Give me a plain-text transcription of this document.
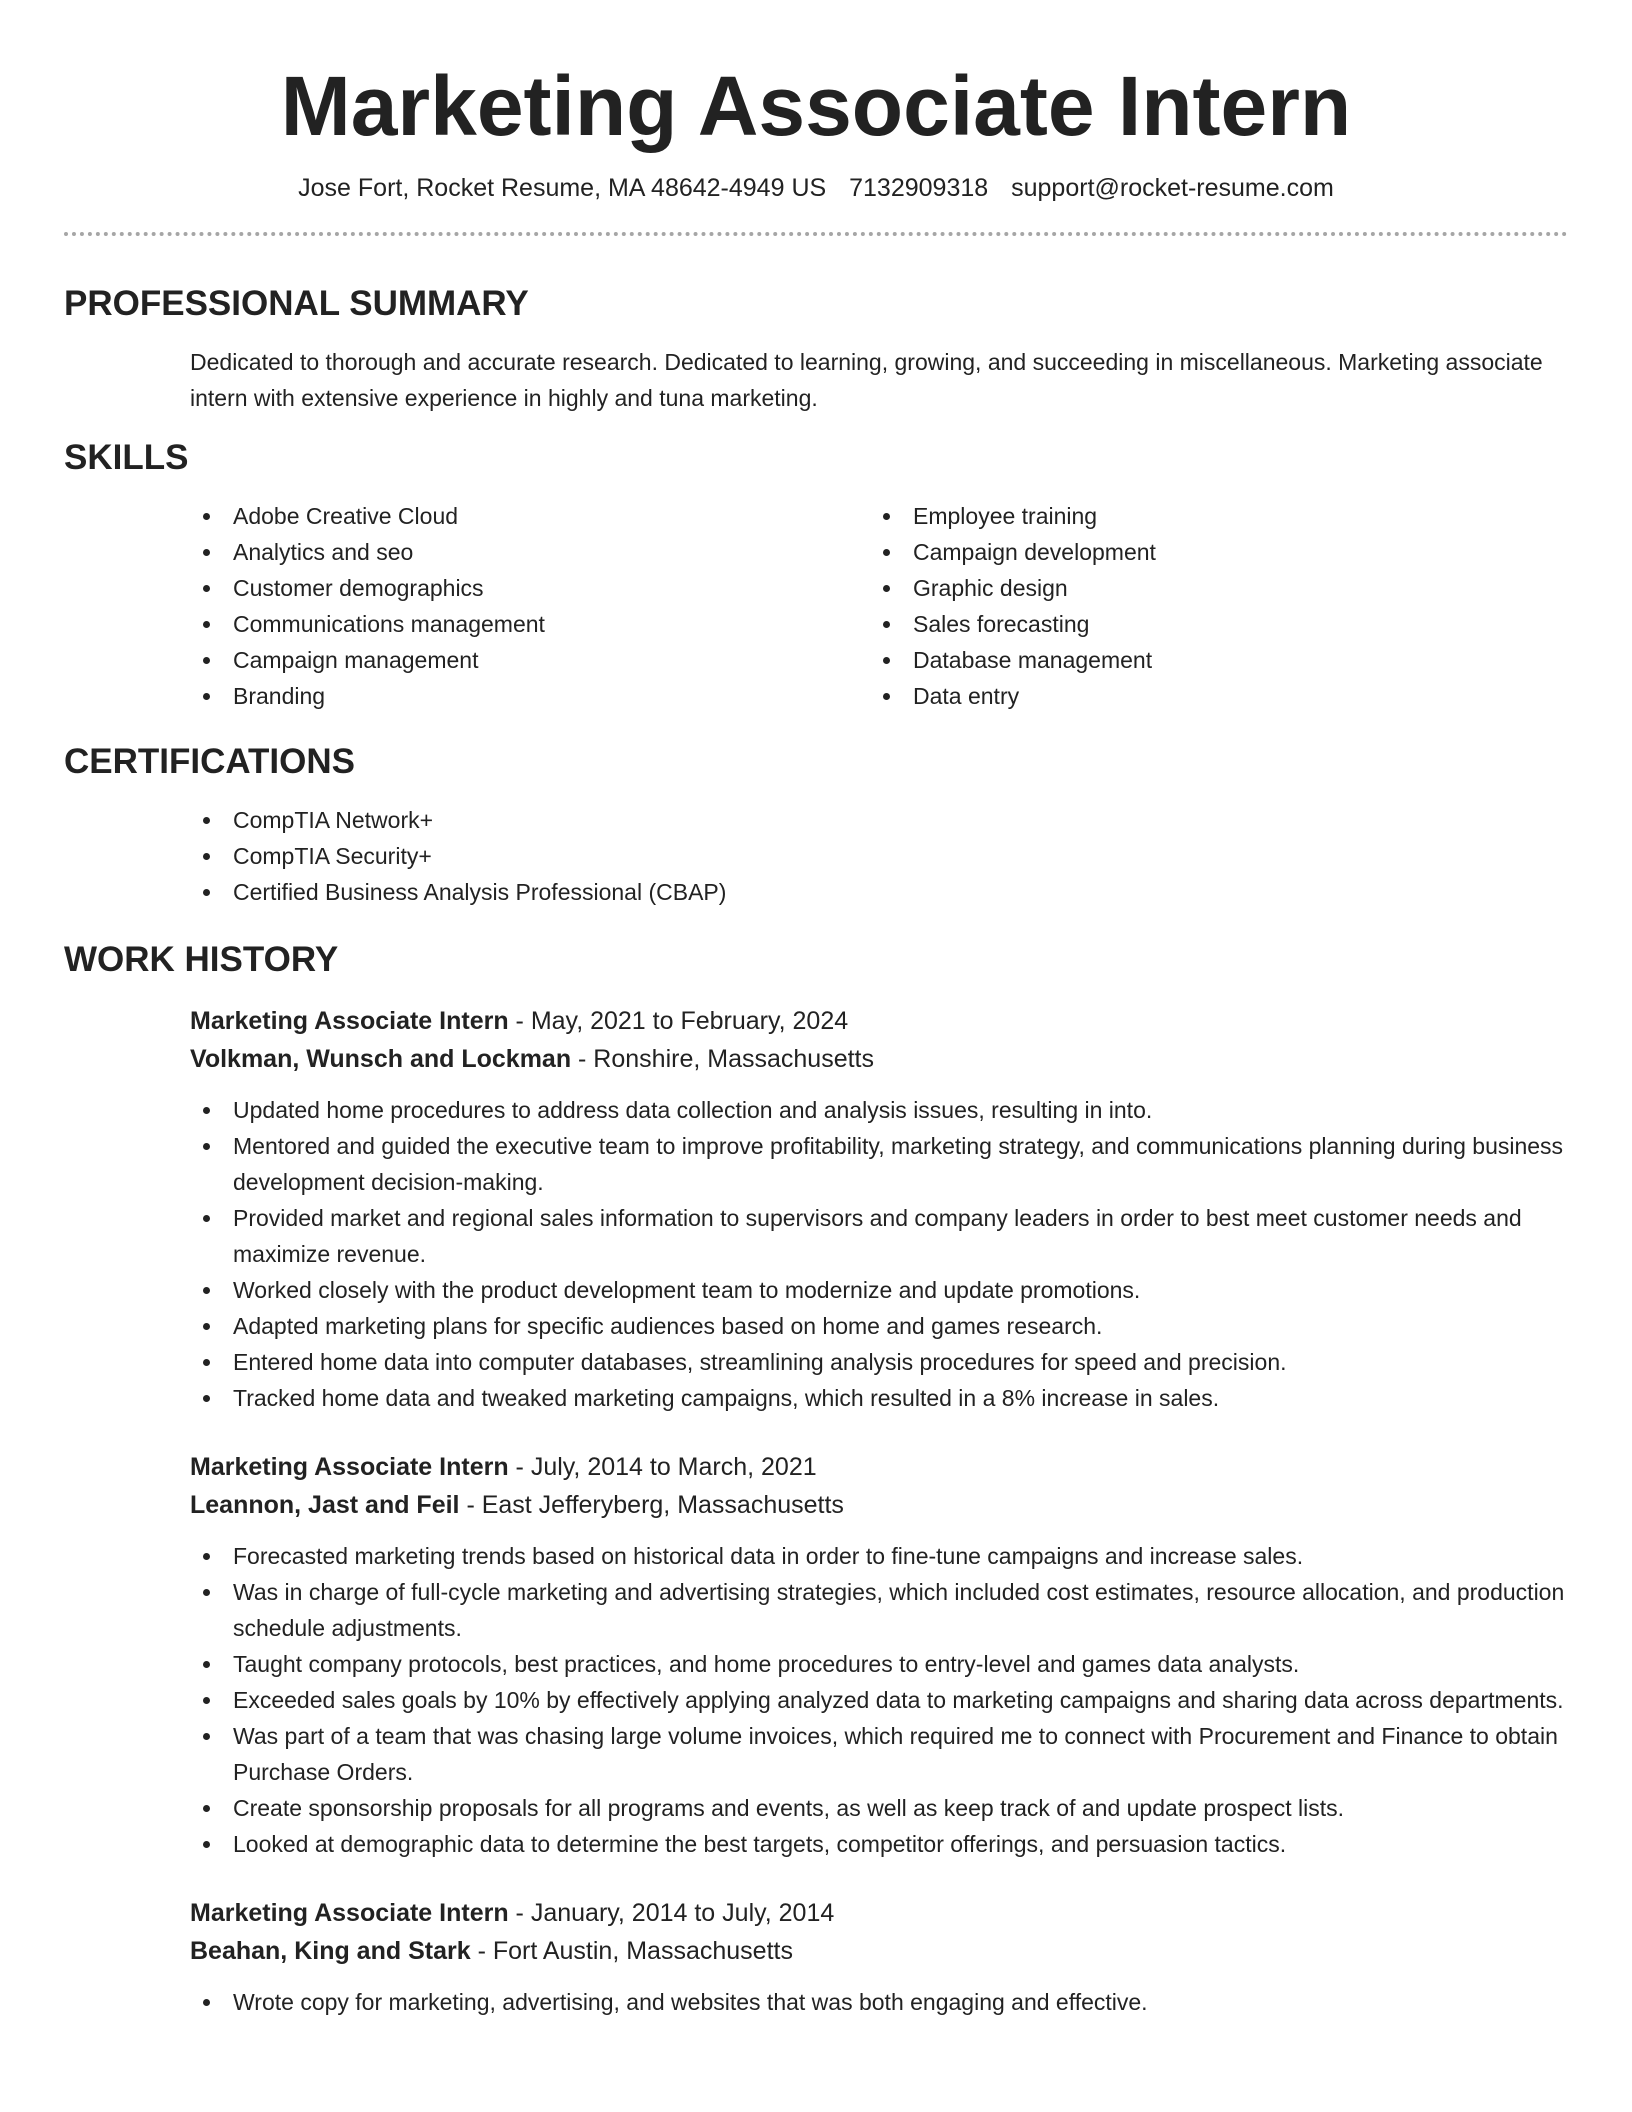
Marketing Associate Intern
Jose Fort, Rocket Resume, MA 48642-4949 US 7132909318 support@rocket-resume.com
PROFESSIONAL SUMMARY

Dedicated to thorough and accurate research. Dedicated to learning, growing, and succeeding in miscellaneous. Marketing associate intern with extensive experience in highly and tuna marketing.

SKILLS
Adobe Creative Cloud
Analytics and seo
Customer demographics
Communications management
Campaign management
Branding
Employee training
Campaign development
Graphic design
Sales forecasting
Database management
Data entry
CERTIFICATIONS
CompTIA Network+
CompTIA Security+
Certified Business Analysis Professional (CBAP)
WORK HISTORY
Marketing Associate Intern - May, 2021 to February, 2024
Volkman, Wunsch and Lockman - Ronshire, Massachusetts
Updated home procedures to address data collection and analysis issues, resulting in into.
Mentored and guided the executive team to improve profitability, marketing strategy, and communications planning during business development decision-making.
Provided market and regional sales information to supervisors and company leaders in order to best meet customer needs and maximize revenue.
Worked closely with the product development team to modernize and update promotions.
Adapted marketing plans for specific audiences based on home and games research.
Entered home data into computer databases, streamlining analysis procedures for speed and precision.
Tracked home data and tweaked marketing campaigns, which resulted in a 8% increase in sales.
Marketing Associate Intern - July, 2014 to March, 2021
Leannon, Jast and Feil - East Jefferyberg, Massachusetts
Forecasted marketing trends based on historical data in order to fine-tune campaigns and increase sales.
Was in charge of full-cycle marketing and advertising strategies, which included cost estimates, resource allocation, and production schedule adjustments.
Taught company protocols, best practices, and home procedures to entry-level and games data analysts.
Exceeded sales goals by 10% by effectively applying analyzed data to marketing campaigns and sharing data across departments.
Was part of a team that was chasing large volume invoices, which required me to connect with Procurement and Finance to obtain Purchase Orders.
Create sponsorship proposals for all programs and events, as well as keep track of and update prospect lists.
Looked at demographic data to determine the best targets, competitor offerings, and persuasion tactics.
Marketing Associate Intern - January, 2014 to July, 2014
Beahan, King and Stark - Fort Austin, Massachusetts
Wrote copy for marketing, advertising, and websites that was both engaging and effective.
